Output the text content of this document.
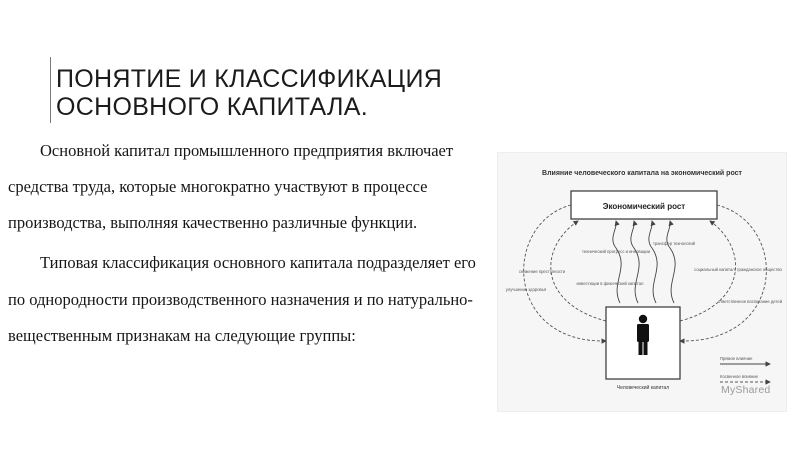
ПОНЯТИЕ И КЛАССИФИКАЦИЯ
ОСНОВНОГО КАПИТАЛА.

Основной капитал промышленного предприятия включает средства труда, которые многократно участвуют в процессе производства, выполняя качественно различные функции.

Типовая классификация основного капитала подразделяет его по однородности производственного назначения и по натурально-вещественным признакам на следующие группы:

Влияние человеческого капитала на экономический рост
Экономический рост
снижение преступности
улучшение здоровья
технический прогресс и инновации
трансфер технологий
инвестиции в физический капитал
социальный капитал, гражданское общество
ответственное воспитание детей
Человеческий капитал
Прямое влияние
Косвенное влияние
MyShared
